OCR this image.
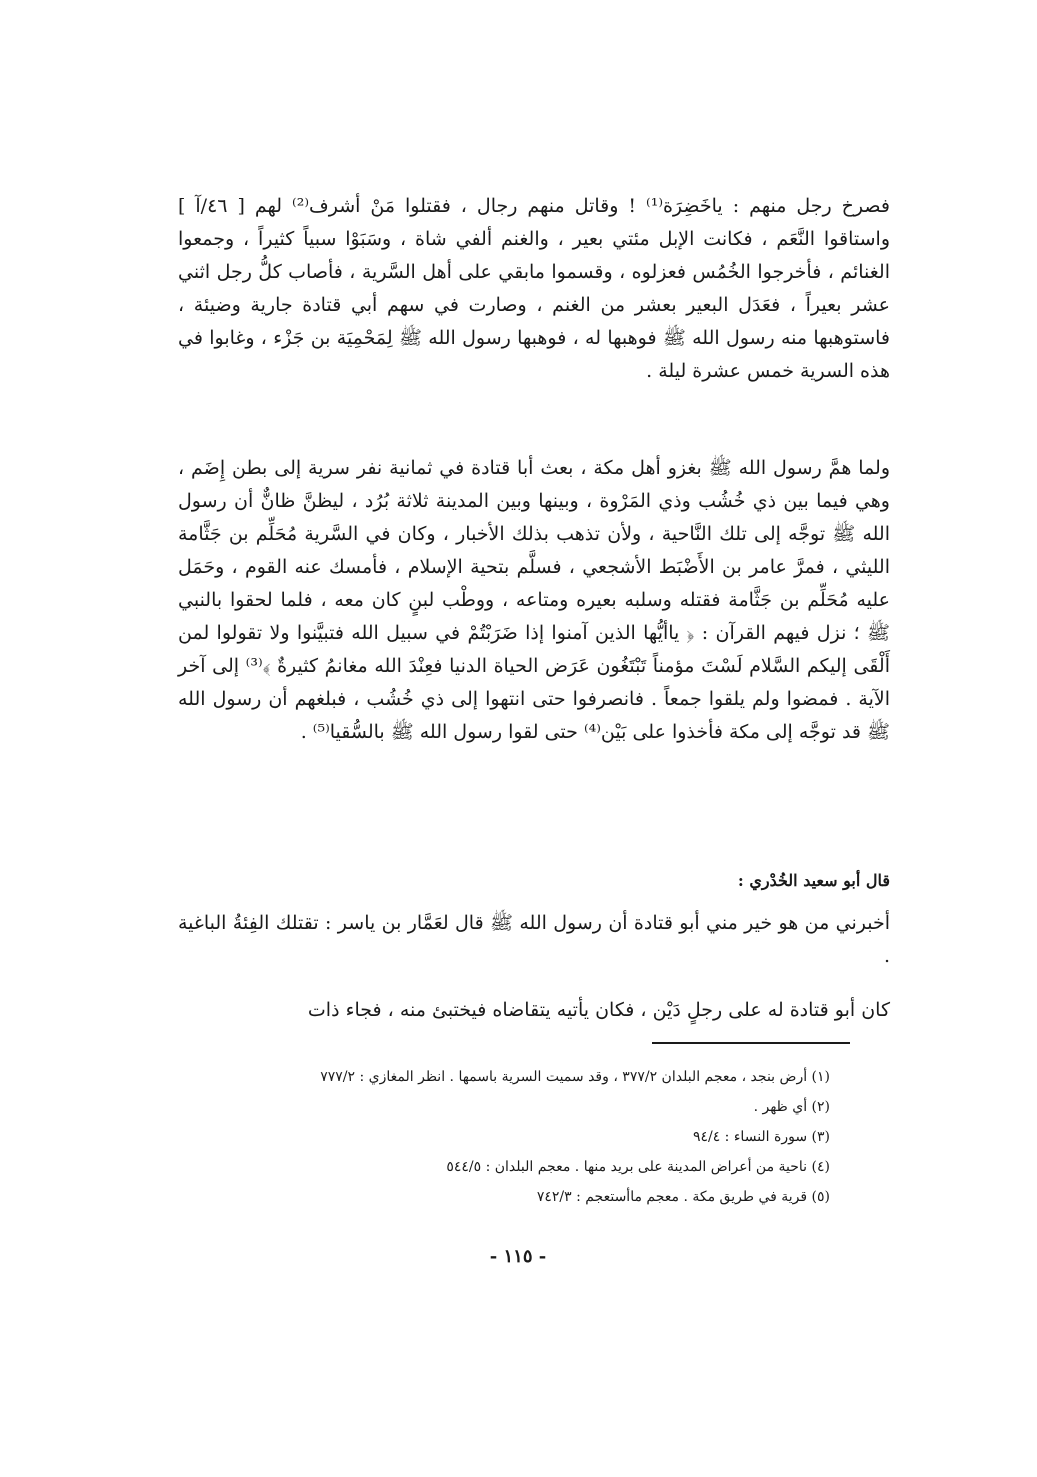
فصرخ رجل منهم : ياخَضِرَة⁽¹⁾ ! وقاتل منهم رجال ، فقتلوا مَنْ أشرف⁽²⁾ لهم [ ٤٦/آ ] واستاقوا النَّعَم ، فكانت الإبل مئتي بعير ، والغنم ألفي شاة ، وسَبَوْا سبياً كثيراً ، وجمعوا الغنائم ، فأخرجوا الخُمُس فعزلوه ، وقسموا مابقي على أهل السَّرية ، فأصاب كلُّ رجل اثني عشر بعيراً ، فعَدَل البعير بعشر من الغنم ، وصارت في سهم أبي قتادة جارية وضيئة ، فاستوهبها منه رسول الله ﷺ فوهبها له ، فوهبها رسول الله ﷺ لِمَحْمِيَة بن جَزْء ، وغابوا في هذه السرية خمس عشرة ليلة .

ولما همَّ رسول الله ﷺ بغزو أهل مكة ، بعث أبا قتادة في ثمانية نفر سرية إلى بطن إِضَم ، وهي فيما بين ذي خُشُب وذي المَرْوة ، وبينها وبين المدينة ثلاثة بُرُد ، ليظنَّ ظانٌّ أن رسول الله ﷺ توجَّه إلى تلك النَّاحية ، ولأن تذهب بذلك الأخبار ، وكان في السَّرية مُحَلِّم بن جَثَّامة الليثي ، فمرَّ عامر بن الأَضْبَط الأشجعي ، فسلَّم بتحية الإسلام ، فأمسك عنه القوم ، وحَمَل عليه مُحَلِّم بن جَثَّامة فقتله وسلبه بعيره ومتاعه ، ووطْب لبنٍ كان معه ، فلما لحقوا بالنبي ﷺ ؛ نزل فيهم القرآن : ﴿ ياأيُّها الذين آمنوا إذا ضَرَبْتُمْ في سبيل الله فتبيَّنوا ولا تقولوا لمن أَلْقَى إليكم السَّلام لَسْتَ مؤمناً تَبْتَغُون عَرَض الحياة الدنيا فعِنْدَ الله مغانمُ كثيرةٌ ﴾⁽³⁾ إلى آخر الآية . فمضوا ولم يلقوا جمعاً . فانصرفوا حتى انتهوا إلى ذي خُشُب ، فبلغهم أن رسول الله ﷺ قد توجَّه إلى مكة فأخذوا على بَيْن⁽⁴⁾ حتى لقوا رسول الله ﷺ بالسُّقيا⁽⁵⁾ .

قال أبو سعيد الخُدْري :

أخبرني من هو خير مني أبو قتادة أن رسول الله ﷺ قال لعَمَّار بن ياسر : تقتلك الفِئةُ الباغية .

كان أبو قتادة له على رجلٍ دَيْن ، فكان يأتيه يتقاضاه فيختبئ منه ، فجاء ذات

(١) أرض بنجد ، معجم البلدان ٣٧٧/٢ ، وقد سميت السرية باسمها . انظر المغازي : ٧٧٧/٢

(٢) أي ظهر .

(٣) سورة النساء : ٩٤/٤

(٤) ناحية من أعراض المدينة على بريد منها . معجم البلدان : ٥٤٤/٥

(٥) قرية في طريق مكة . معجم ماأستعجم : ٧٤٢/٣

- ١١٥ -
